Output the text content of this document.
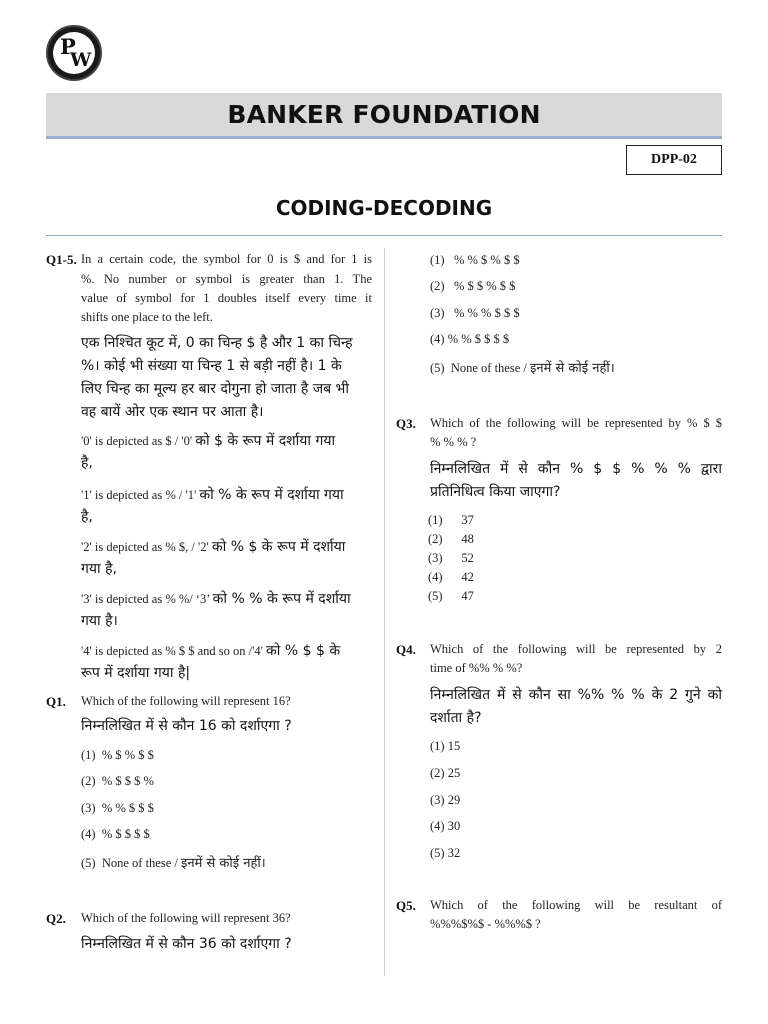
P
W
BANKER FOUNDATION
DPP-02
CODING-DECODING
Q1-5. In a certain code, the symbol for 0 is $ and for 1 is
%. No number or symbol is greater than 1. The
value of symbol for 1 doubles itself every time it
shifts one place to the left.
एक निश्चित कूट में, 0 का चिन्ह $ है और 1 का चिन्ह
%। कोई भी संख्या या चिन्ह 1 से बड़ी नहीं है। 1 के
लिए चिन्ह का मूल्य हर बार दोगुना हो जाता है जब भी
वह बायें ओर एक स्थान पर आता है।
'0' is depicted as $ / '0' को $ के रूप में दर्शाया गया
है,
'1' is depicted as % / '1' को % के रूप में दर्शाया गया
है,
'2' is depicted as % $, / '2' को % $ के रूप में दर्शाया
गया है,
'3' is depicted as % %/ ‘3’ को % % के रूप में दर्शाया
गया है।
'4' is depicted as % $ $ and so on /'4' को % $ $ के
रूप में दर्शाया गया है|
Q1. Which of the following will represent 16?
निम्नलिखित में से कौन 16 को दर्शाएगा ?
(1) % $ % $ $
(2) % $ $ $ %
(3) % % $ $ $
(4) % $ $ $ $
(5) None of these / इनमें से कोई नहीं।
Q2. Which of the following will represent 36?
निम्नलिखित में से कौन 36 को दर्शाएगा ?
(1) % % $ % $ $
(2) % $ $ % $ $
(3) % % % $ $ $
(4) % % $ $ $ $
(5) None of these / इनमें से कोई नहीं।
Q3. Which of the following will be represented by % $ $
% % % ?
निम्नलिखित में से कौन % $ $ % % % द्वारा
प्रतिनिधित्व किया जाएगा?
(1) 37
(2) 48
(3) 52
(4) 42
(5) 47
Q4. Which of the following will be represented by 2
time of %% % %?
निम्नलिखित में से कौन सा %% % % के 2 गुने को
दर्शाता है?
(1) 15
(2) 25
(3) 29
(4) 30
(5) 32
Q5. Which of the following will be resultant of
%%%$%$ - %%%$ ?
